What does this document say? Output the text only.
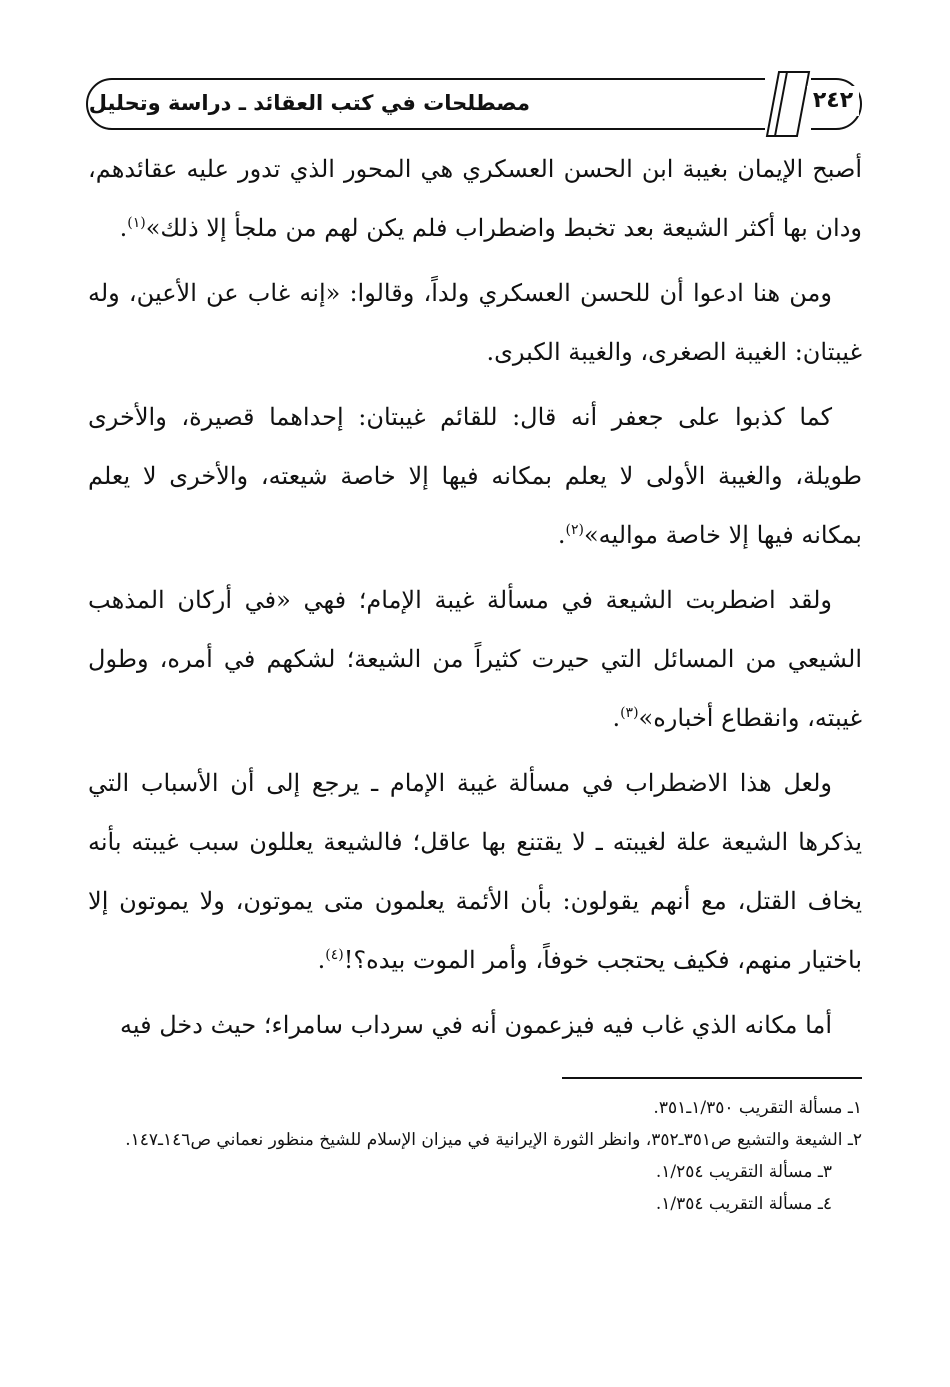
مصطلحات في كتب العقائد ـ دراسة وتحليل	٢٤٢

أصبح الإيمان بغيبة ابن الحسن العسكري هي المحور الذي تدور عليه عقائدهم، ودان بها أكثر الشيعة بعد تخبط واضطراب فلم يكن لهم من ملجأ إلا ذلك»$^{(١)}$.

ومن هنا ادعوا أن للحسن العسكري ولداً، وقالوا: «إنه غاب عن الأعين، وله غيبتان: الغيبة الصغرى، والغيبة الكبرى.

كما كذبوا على جعفر أنه قال: للقائم غيبتان: إحداهما قصيرة، والأخرى طويلة، والغيبة الأولى لا يعلم بمكانه فيها إلا خاصة شيعته، والأخرى لا يعلم بمكانه فيها إلا خاصة مواليه»$^{(٢)}$.

ولقد اضطربت الشيعة في مسألة غيبة الإمام؛ فهي «في أركان المذهب الشيعي من المسائل التي حيرت كثيراً من الشيعة؛ لشكهم في أمره، وطول غيبته، وانقطاع أخباره»$^{(٣)}$.

ولعل هذا الاضطراب في مسألة غيبة الإمام ـ يرجع إلى أن الأسباب التي يذكرها الشيعة علة لغيبته ـ لا يقتنع بها عاقل؛ فالشيعة يعللون سبب غيبته بأنه يخاف القتل، مع أنهم يقولون: بأن الأئمة يعلمون متى يموتون، ولا يموتون إلا باختيار منهم، فكيف يحتجب خوفاً، وأمر الموت بيده؟!$^{(٤)}$.

أما مكانه الذي غاب فيه فيزعمون أنه في سرداب سامراء؛ حيث دخل فيه

١ـ مسألة التقريب ١/٣٥٠ـ٣٥١.
٢ـ الشيعة والتشيع ص٣٥١ـ٣٥٢، وانظر الثورة الإيرانية في ميزان الإسلام للشيخ منظور نعماني ص١٤٦ـ١٤٧.
٣ـ مسألة التقريب ١/٢٥٤.
٤ـ مسألة التقريب ١/٣٥٤.
